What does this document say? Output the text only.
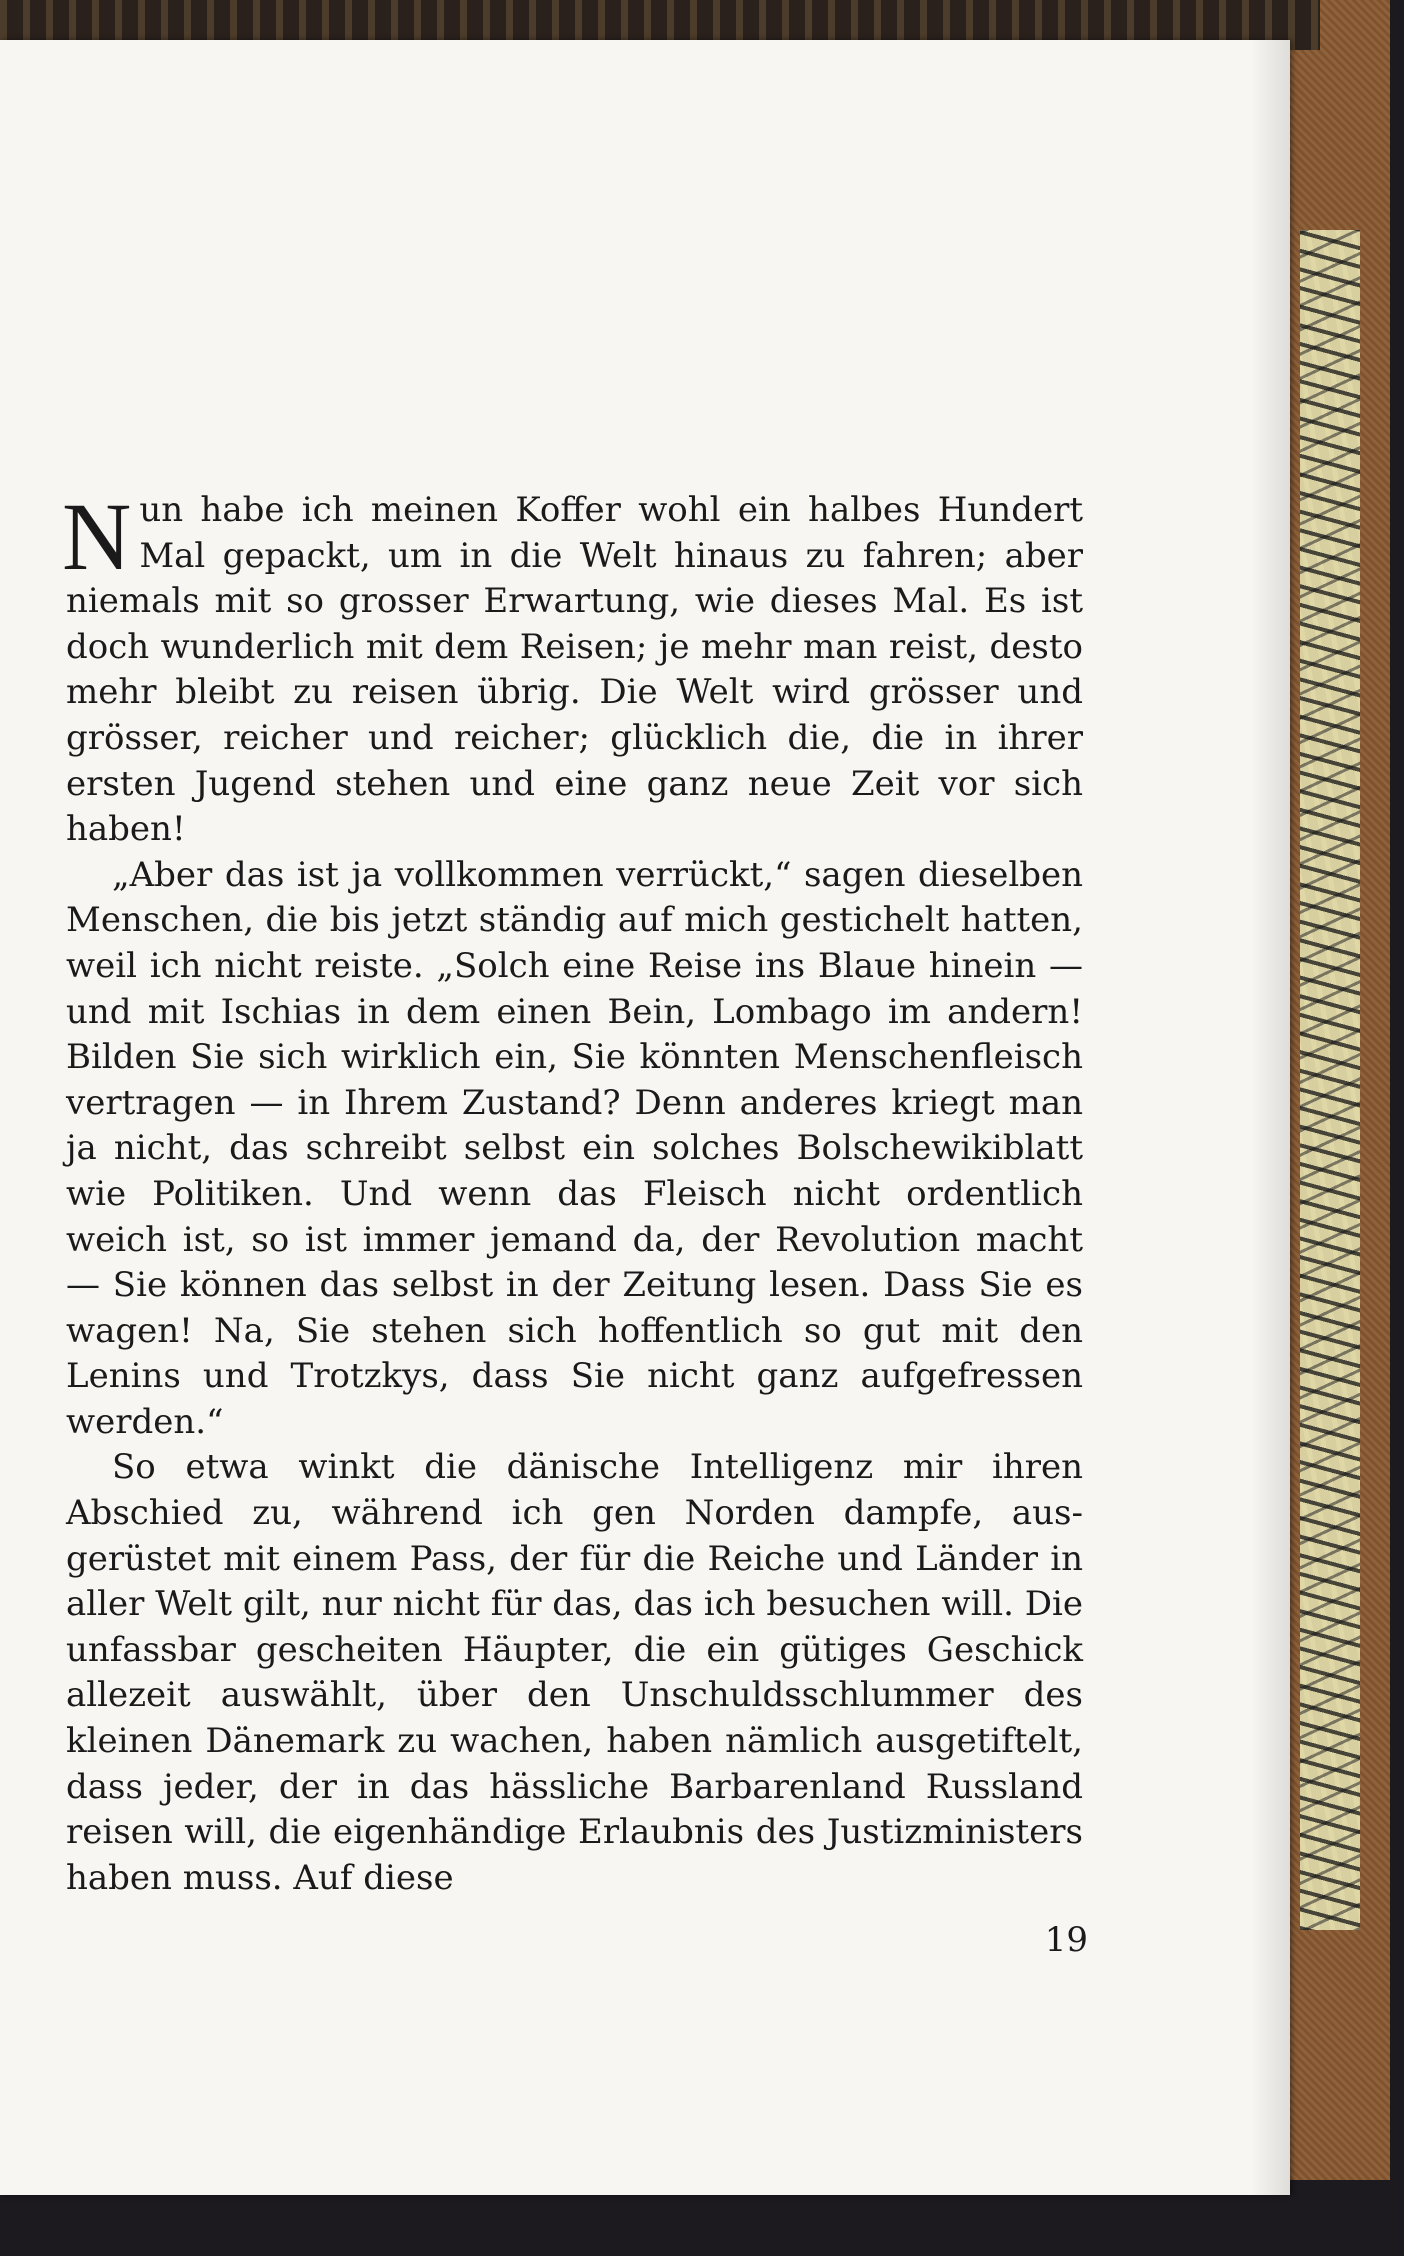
Nun habe ich meinen Koffer wohl ein halbes Hundert Mal gepackt, um in die Welt hinaus zu fahren; aber niemals mit so grosser Erwartung, wie dieses Mal. Es ist doch wunderlich mit dem Reisen; je mehr man reist, desto mehr bleibt zu reisen übrig. Die Welt wird grösser und grösser, reicher und reicher; glücklich die, die in ihrer ersten Jugend stehen und eine ganz neue Zeit vor sich haben!

„Aber das ist ja vollkommen verrückt,“ sagen dieselben Menschen, die bis jetzt ständig auf mich gestichelt hatten, weil ich nicht reiste. „Solch eine Reise ins Blaue hinein — und mit Ischias in dem einen Bein, Lombago im andern! Bilden Sie sich wirklich ein, Sie könnten Menschenfleisch vertragen — in Ihrem Zustand? Denn anderes kriegt man ja nicht, das schreibt selbst ein solches Bolschewikiblatt wie Politiken. Und wenn das Fleisch nicht ordentlich weich ist, so ist immer jemand da, der Revolution macht — Sie können das selbst in der Zeitung lesen. Dass Sie es wagen! Na, Sie stehen sich hoffentlich so gut mit den Lenins und Trotzkys, dass Sie nicht ganz aufgefressen werden.“

So etwa winkt die dänische Intelligenz mir ihren Abschied zu, während ich gen Norden dampfe, ausgerüstet mit einem Pass, der für die Reiche und Länder in aller Welt gilt, nur nicht für das, das ich besuchen will. Die unfassbar gescheiten Häupter, die ein gütiges Geschick allezeit auswählt, über den Unschuldsschlummer des kleinen Dänemark zu wachen, haben nämlich ausgetiftelt, dass jeder, der in das hässliche Barbarenland Russland reisen will, die eigenhändige Erlaubnis des Justizministers haben muss. Auf diese

19
